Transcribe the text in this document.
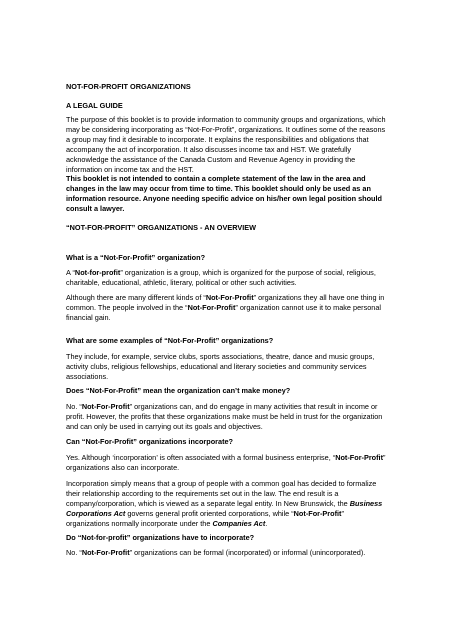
NOT-FOR-PROFIT ORGANIZATIONS

A LEGAL GUIDE

The purpose of this booklet is to provide information to community groups and organizations, which may be considering incorporating as “Not-For-Profit”, organizations. It outlines some of the reasons a group may find it desirable to incorporate. It explains the responsibilities and obligations that accompany the act of incorporation. It also discusses income tax and HST. We gratefully acknowledge the assistance of the Canada Custom and Revenue Agency in providing the information on income tax and the HST.

This booklet is not intended to contain a complete statement of the law in the area and changes in the law may occur from time to time. This booklet should only be used as an information resource. Anyone needing specific advice on his/her own legal position should consult a lawyer.

“NOT-FOR-PROFIT” ORGANIZATIONS - AN OVERVIEW

What is a “Not-For-Profit” organization?

A “Not-for-profit” organization is a group, which is organized for the purpose of social, religious, charitable, educational, athletic, literary, political or other such activities.

Although there are many different kinds of “Not-For-Profit” organizations they all have one thing in common. The people involved in the “Not-For-Profit” organization cannot use it to make personal financial gain.

What are some examples of “Not-For-Profit” organizations?

They include, for example, service clubs, sports associations, theatre, dance and music groups, activity clubs, religious fellowships, educational and literary societies and community services associations.

Does “Not-For-Profit” mean the organization can’t make money?

No. “Not-For-Profit” organizations can, and do engage in many activities that result in income or profit. However, the profits that these organizations make must be held in trust for the organization and can only be used in carrying out its goals and objectives.

Can “Not-For-Profit” organizations incorporate?

Yes. Although ‘incorporation’ is often associated with a formal business enterprise, “Not-For-Profit” organizations also can incorporate.

Incorporation simply means that a group of people with a common goal has decided to formalize their relationship according to the requirements set out in the law. The end result is a company/corporation, which is viewed as a separate legal entity. In New Brunswick, the Business Corporations Act governs general profit oriented corporations, while “Not-For-Profit” organizations normally incorporate under the Companies Act.

Do “Not-for-profit” organizations have to incorporate?

No. “Not-For-Profit” organizations can be formal (incorporated) or informal (unincorporated).
